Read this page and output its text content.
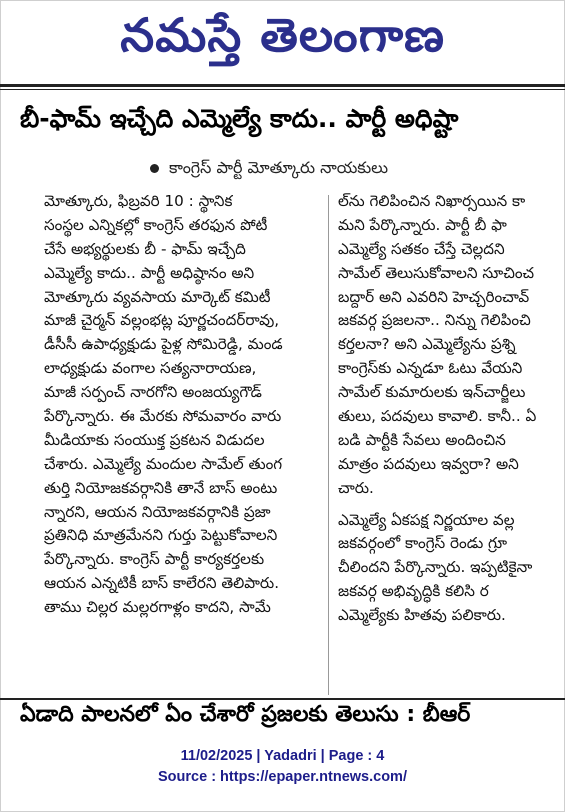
నమస్తే తెలంగాణ
బీ-ఫామ్ ఇచ్చేది ఎమ్మెల్యే కాదు.. పార్టీ అధిష్టా
కాంగ్రెస్ పార్టీ మోత్కూరు నాయకులు
మోత్కూరు, ఫిబ్రవరి 10 : స్థానిక
సంస్థల ఎన్నికల్లో కాంగ్రెస్ తరఫున పోటీ
చేసే అభ్యర్థులకు బీ - ఫామ్ ఇచ్చేది
ఎమ్మెల్యే కాదు.. పార్టీ అధిష్ఠానం అని
మోత్కూరు వ్యవసాయ మార్కెట్ కమిటీ
మాజీ చైర్మన్ వల్లంభట్ల పూర్ణచందర్‌రావు,
డీసీసీ ఉపాధ్యక్షుడు పైళ్ల సోమిరెడ్డి, మండ
లాధ్యక్షుడు వంగాల సత్యనారాయణ,
మాజీ సర్పంచ్ నారగోని అంజయ్యగౌడ్
పేర్కొన్నారు. ఈ మేరకు సోమవారం వారు
మీడియాకు సంయుక్త ప్రకటన విడుదల
చేశారు. ఎమ్మెల్యే మందుల సామేల్ తుంగ
తుర్తి నియోజకవర్గానికి తానే బాస్ అంటు
న్నారని, ఆయన నియోజకవర్గానికి ప్రజా
ప్రతినిధి మాత్రమేనని గుర్తు పెట్టుకోవాలని
పేర్కొన్నారు. కాంగ్రెస్ పార్టీ కార్యకర్తలకు
ఆయన ఎన్నటికీ బాస్ కాలేరని తెలిపారు.
తాము చిల్లర మల్లరగాళ్లం కాదని, సామే
ల్‌ను గెలిపించిన నిఖార్సయిన కా
మని పేర్కొన్నారు. పార్టీ బీ ఫా
ఎమ్మెల్యే సతకం చేస్తే చెల్లదని
సామేల్ తెలుసుకోవాలని సూచించ
బద్దార్ అని ఎవరిని హెచ్చరించావ్
జకవర్గ ప్రజలనా.. నిన్ను గెలిపించి
కర్తలనా? అని ఎమ్మెల్యేను ప్రశ్ని
కాంగ్రెస్‌కు ఎన్నడూ ఓటు వేయని
సామేల్ కుమారులకు ఇన్‌చార్జీలు
తులు, పదవులు కావాలి. కానీ.. ఏ
బడి పార్టీకి సేవలు అందించిన
మాత్రం పదవులు ఇవ్వరా? అని
చారు.
ఎమ్మెల్యే ఏకపక్ష నిర్ణయాల వల్ల
జకవర్గంలో కాంగ్రెస్ రెండు గ్రూ
చీలిందని పేర్కొన్నారు. ఇప్పటికైనా
జకవర్గ అభివృద్ధికి కలిసి ర
ఎమ్మెల్యేకు హితవు పలికారు.
ఏడాది పాలనలో ఏం చేశారో ప్రజలకు తెలుసు : బీఆర్
11/02/2025 | Yadadri | Page : 4
Source : https://epaper.ntnews.com/
